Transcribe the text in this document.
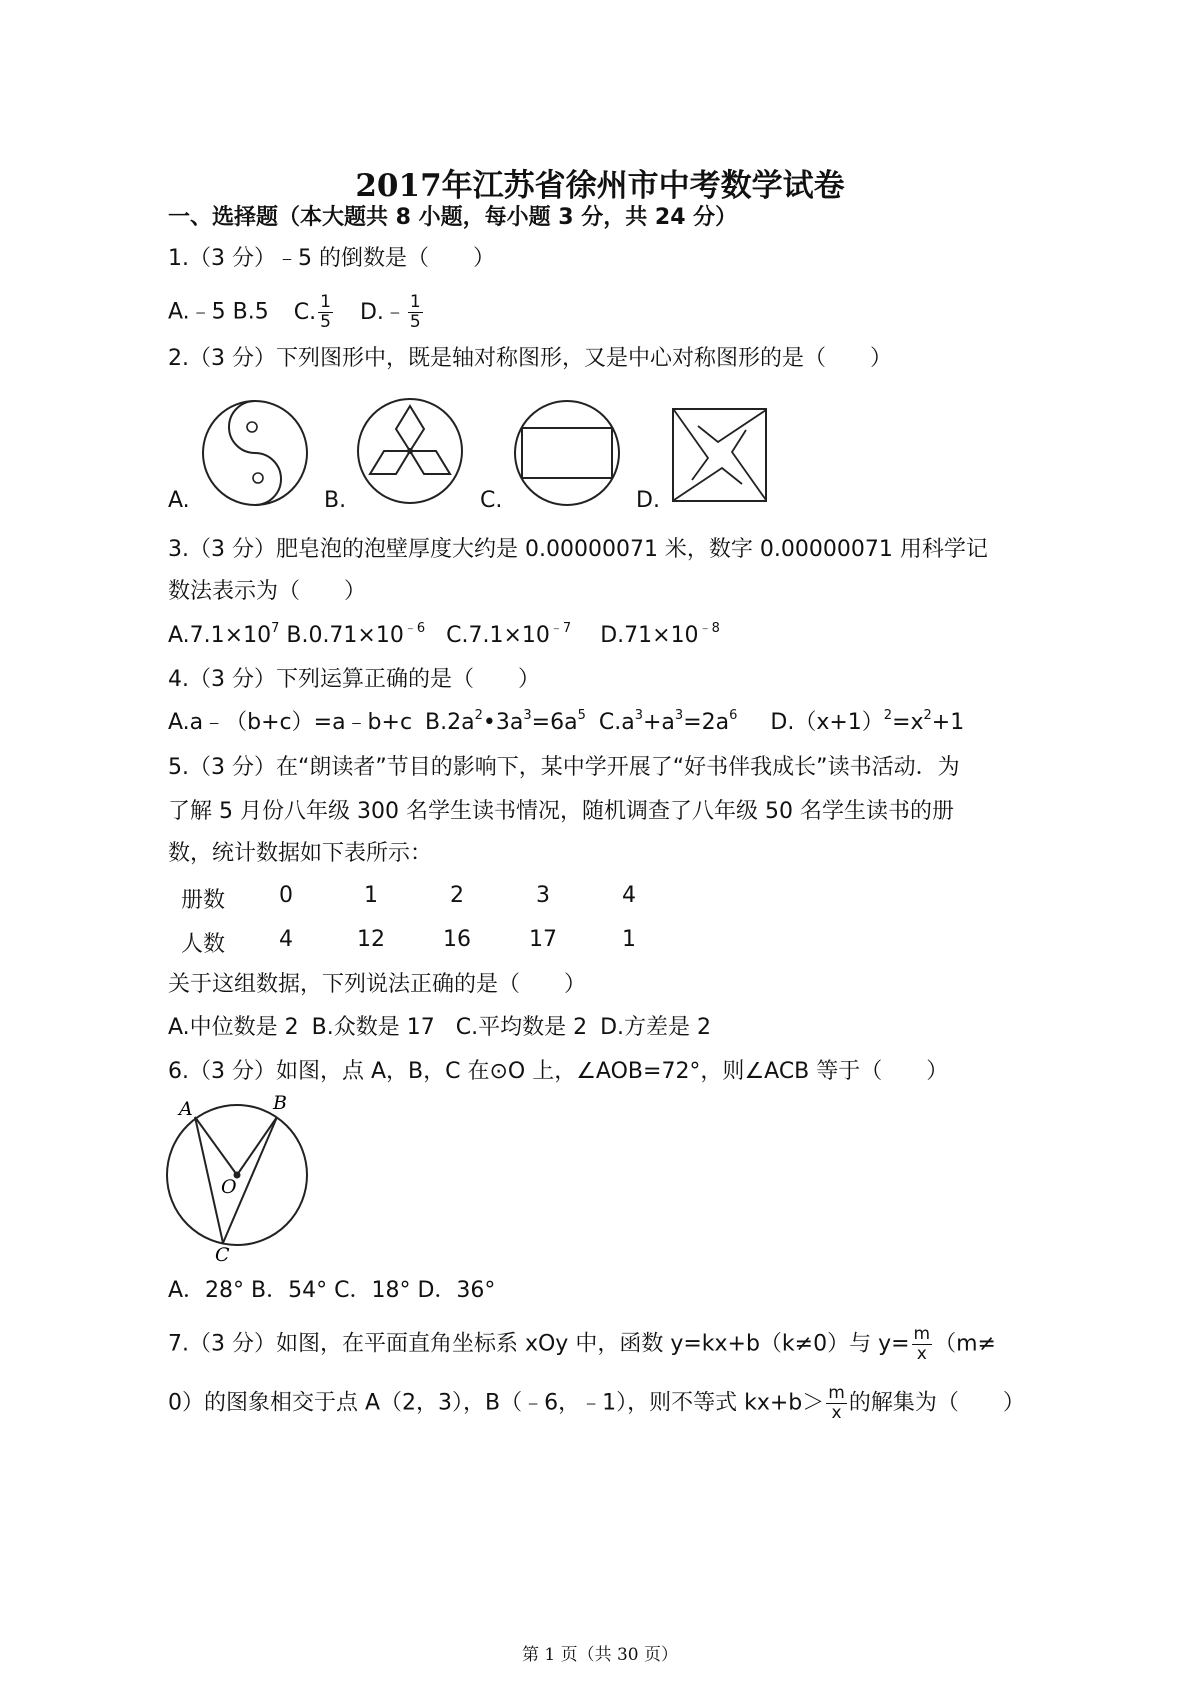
2017年江苏省徐州市中考数学试卷
一、选择题（本大题共 8 小题，每小题 3 分，共 24 分）
1.（3 分）﹣5 的倒数是（　　）
A.﹣5 B.5 C. $\frac{1}{5}$ D.﹣ $\frac{1}{5}$
2.（3 分）下列图形中，既是轴对称图形，又是中心对称图形的是（　　）
A.	B.	C.	D.
3.（3 分）肥皂泡的泡壁厚度大约是 0.00000071 米，数字 0.00000071 用科学记
数法表示为（　　）
$A.7.1\times 10^7$ $B.0.71\times 10^{﹣6}$ $C.7.1\times 10^{﹣7}$ $D.71\times 10^{﹣8}$
4.（3 分）下列运算正确的是（　　）
A.a﹣（b+c）=a﹣b+c $B.2a^2•3a^3=6a^5$ $C.a^3+a^3=2a^6$ $D.(x+1)^2=x^2+1$
5.（3 分）在“朗读者”节目的影响下，某中学开展了“好书伴我成长”读书活动．为
了解 5 月份八年级 300 名学生读书情况，随机调查了八年级 50 名学生读书的册
数，统计数据如下表所示：
册数	0	1	2	3	4
人数	4	12	16	17	1
关于这组数据，下列说法正确的是（　　）
A.中位数是 2 B.众数是 17 C.平均数是 2 D.方差是 2
6.（3 分）如图，点 A，B，C 在⊙O 上，∠AOB=72°，则∠ACB 等于（　　）
A	B
O
C
A．28° B．54° C．18° D．36°
7.（3 分）如图，在平面直角坐标系 xOy 中，函数 y=kx+b（k≠0）与 $y= \frac{m}{x} (m\ne$
0）的图象相交于点 A（2，3），B（﹣6，﹣1），则不等式 $kx+b> \frac{m}{x}$ 的解集为（　　）
第 1 页（共 30 页）
